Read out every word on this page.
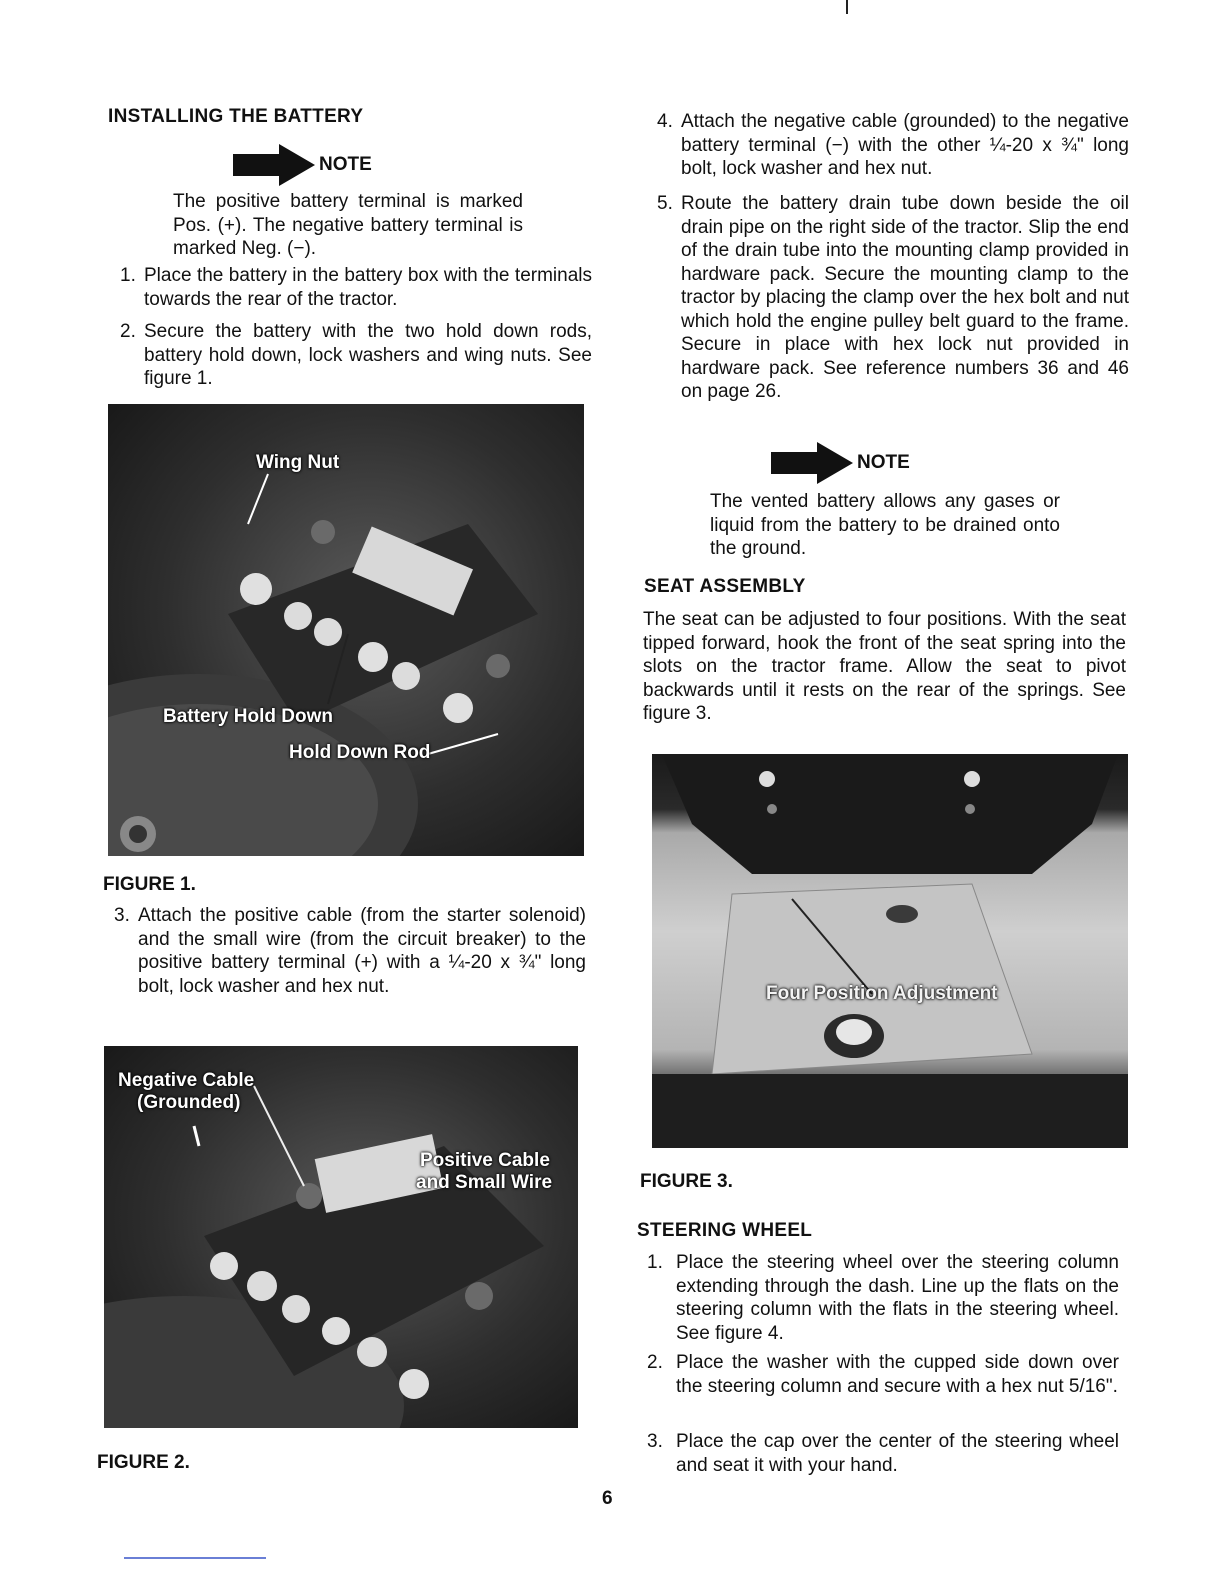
INSTALLING THE BATTERY
NOTE
The positive battery terminal is marked Pos. (+). The negative battery terminal is marked Neg. (−).
1. Place the battery in the battery box with the terminals towards the rear of the tractor.
2. Secure the battery with the two hold down rods, battery hold down, lock washers and wing nuts. See figure 1.
Wing Nut
Battery Hold Down
Hold Down Rod
FIGURE 1.
3. Attach the positive cable (from the starter solenoid) and the small wire (from the circuit breaker) to the positive battery terminal (+) with a ¼-20 x ¾" long bolt, lock washer and hex nut.
Negative Cable
(Grounded)
Positive Cable
and Small Wire
FIGURE 2.
4. Attach the negative cable (grounded) to the negative battery terminal (−) with the other ¼-20 x ¾" long bolt, lock washer and hex nut.
5. Route the battery drain tube down beside the oil drain pipe on the right side of the tractor. Slip the end of the drain tube into the mounting clamp provided in hardware pack. Secure the mounting clamp to the tractor by placing the clamp over the hex bolt and nut which hold the engine pulley belt guard to the frame. Secure in place with hex lock nut provided in hardware pack. See reference numbers 36 and 46 on page 26.
NOTE
The vented battery allows any gases or liquid from the battery to be drained onto the ground.
SEAT ASSEMBLY
The seat can be adjusted to four positions. With the seat tipped forward, hook the front of the seat spring into the slots on the tractor frame. Allow the seat to pivot backwards until it rests on the rear of the springs. See figure 3.
Four Position Adjustment
FIGURE 3.
STEERING WHEEL
1. Place the steering wheel over the steering column extending through the dash. Line up the flats on the steering column with the flats in the steering wheel. See figure 4.
2. Place the washer with the cupped side down over the steering column and secure with a hex nut 5/16".
3. Place the cap over the center of the steering wheel and seat it with your hand.
6
